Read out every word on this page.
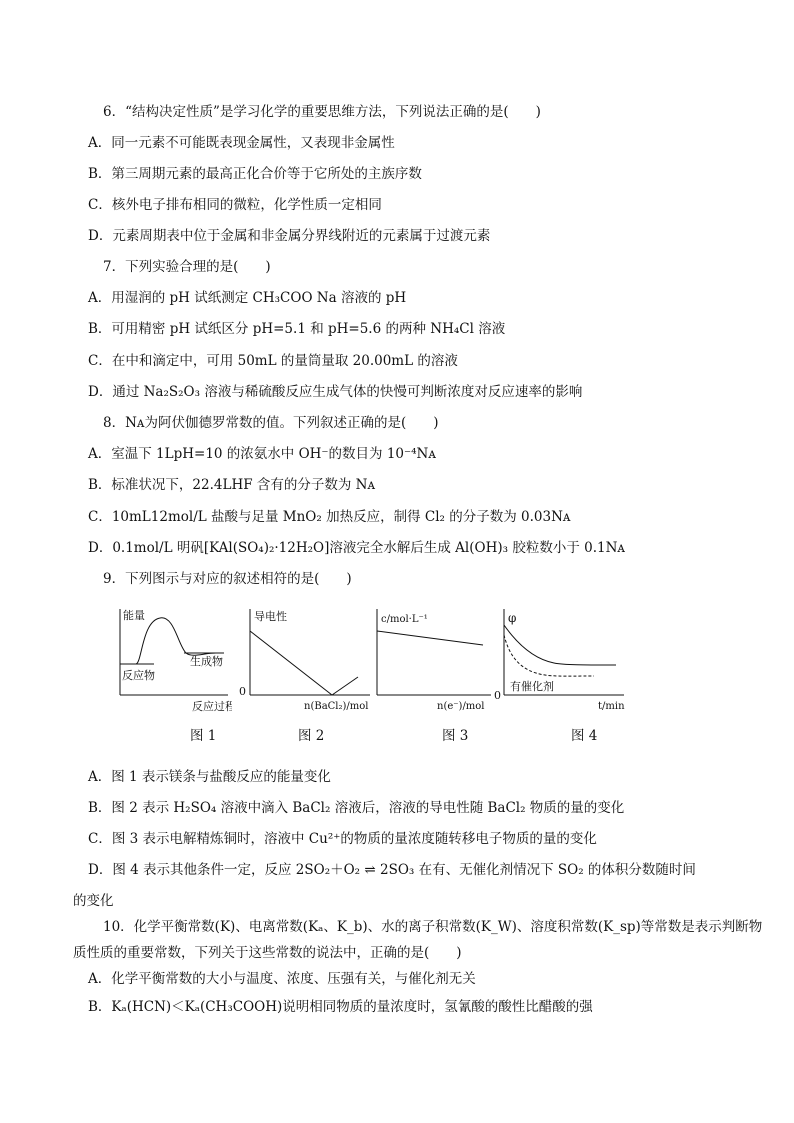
6．“结构决定性质”是学习化学的重要思维方法，下列说法正确的是(　　)
A．同一元素不可能既表现金属性，又表现非金属性
B．第三周期元素的最高正化合价等于它所处的主族序数
C．核外电子排布相同的微粒，化学性质一定相同
D．元素周期表中位于金属和非金属分界线附近的元素属于过渡元素
7．下列实验合理的是(　　)
A．用湿润的 pH 试纸测定 CH₃COO Na 溶液的 pH
B．可用精密 pH 试纸区分 pH=5.1 和 pH=5.6 的两种 NH₄Cl 溶液
C．在中和滴定中，可用 50mL 的量筒量取 20.00mL 的溶液
D．通过 Na₂S₂O₃ 溶液与稀硫酸反应生成气体的快慢可判断浓度对反应速率的影响
8．Nᴀ为阿伏伽德罗常数的值。下列叙述正确的是(　　)
A．室温下 1LpH=10 的浓氨水中 OH⁻的数目为 10⁻⁴Nᴀ
B．标准状况下，22.4LHF 含有的分子数为 Nᴀ
C．10mL12mol/L 盐酸与足量 MnO₂ 加热反应，制得 Cl₂ 的分子数为 0.03Nᴀ
D．0.1mol/L 明矾[KAl(SO₄)₂·12H₂O]溶液完全水解后生成 Al(OH)₃ 胶粒数小于 0.1Nᴀ
9．下列图示与对应的叙述相符的是(　　)
能量
反应物
生成物
反应过程
导电性
0
n(BaCl₂)/mol
c/mol·L⁻¹
n(e⁻)/mol
φ
有催化剂
0
t/min
图 1	图 2	图 3	图 4
A．图 1 表示镁条与盐酸反应的能量变化
B．图 2 表示 H₂SO₄ 溶液中滴入 BaCl₂ 溶液后，溶液的导电性随 BaCl₂ 物质的量的变化
C．图 3 表示电解精炼铜时，溶液中 Cu²⁺的物质的量浓度随转移电子物质的量的变化
D．图 4 表示其他条件一定，反应 2SO₂＋O₂ ⇌ 2SO₃ 在有、无催化剂情况下 SO₂ 的体积分数随时间
的变化
10．化学平衡常数(K)、电离常数(Kₐ、K_b)、水的离子积常数(K_W)、溶度积常数(K_sp)等常数是表示判断物
质性质的重要常数，下列关于这些常数的说法中，正确的是(　　)
A．化学平衡常数的大小与温度、浓度、压强有关，与催化剂无关
B．Kₐ(HCN)＜Kₐ(CH₃COOH)说明相同物质的量浓度时，氢氰酸的酸性比醋酸的强
